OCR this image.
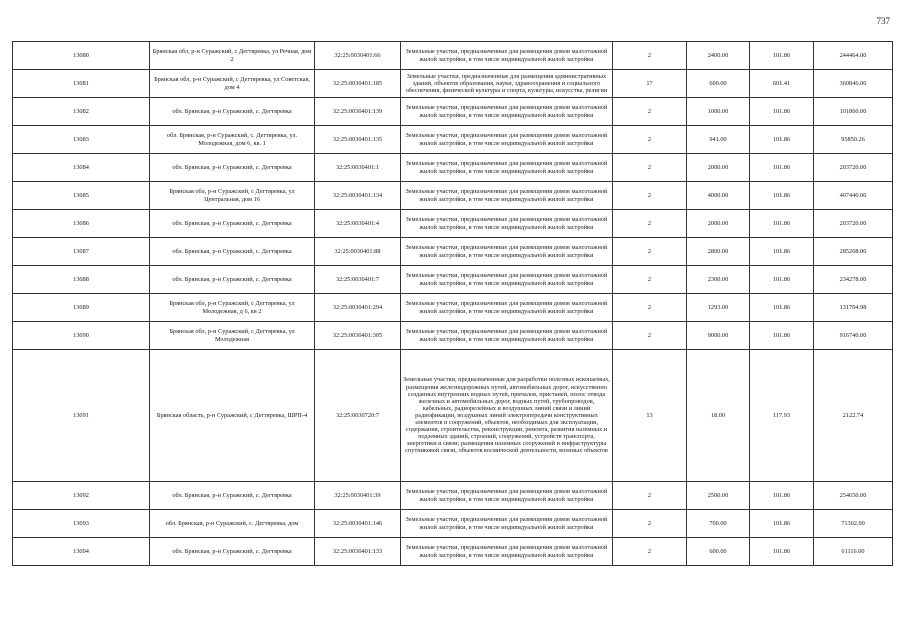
737
13080	Брянская обл, р-н Суражский, с Дегтяревка, ул Речная, дом 2	32:25:0030401:66	Земельные участки, предназначенные для размещения домов малоэтажной жилой застройки, в том числе индивидуальной жилой застройки	2	2400.00	101.86	244464.00
13081	Брянская обл, р-н Суражский, с Дегтяревка, ул Советская, дом 4	32:25:0030401:185	Земельные участки, предназначенные для размещения административных зданий, объектов образования, науки, здравоохранения и социального обеспечения, физической культуры и спорта, культуры, искусства, религии	17	600.00	601.41	360846.00
13082	обл. Брянская, р-н Суражский, с. Дегтяревка	32:25:0030401:139	Земельные участки, предназначенные для размещения домов малоэтажной жилой застройки, в том числе индивидуальной жилой застройки	2	1000.00	101.86	101860.00
13083	обл. Брянская, р-н Суражский, с. Дегтяревка, ул. Молодежная, дом 6, кв. 1	32:25:0030401:135	Земельные участки, предназначенные для размещения домов малоэтажной жилой застройки, в том числе индивидуальной жилой застройки	2	941.00	101.86	95850.26
13084	обл. Брянская, р-н Суражский, с. Дегтяревка	32:25:0030401:1	Земельные участки, предназначенные для размещения домов малоэтажной жилой застройки, в том числе индивидуальной жилой застройки	2	2000.00	101.86	203720.00
13085	Брянская обл, р-н Суражский, с Дегтяревка, ул Центральная, дом 16	32:25:0030401:134	Земельные участки, предназначенные для размещения домов малоэтажной жилой застройки, в том числе индивидуальной жилой застройки	2	4000.00	101.86	407440.00
13086	обл. Брянская, р-н Суражский, с. Дегтяревка	32:25:0030401:4	Земельные участки, предназначенные для размещения домов малоэтажной жилой застройки, в том числе индивидуальной жилой застройки	2	2000.00	101.86	203720.00
13087	обл. Брянская, р-н Суражский, с. Дегтяревка	32:25:0030401:88	Земельные участки, предназначенные для размещения домов малоэтажной жилой застройки, в том числе индивидуальной жилой застройки	2	2800.00	101.86	285208.00
13088	обл. Брянская, р-н Суражский, с. Дегтяревка	32:25:0030401:7	Земельные участки, предназначенные для размещения домов малоэтажной жилой застройки, в том числе индивидуальной жилой застройки	2	2300.00	101.86	234278.00
13089	Брянская обл, р-н Суражский, с Дегтяревка, ул Молодежная, д 6, кв 2	32:25:0030401:294	Земельные участки, предназначенные для размещения домов малоэтажной жилой застройки, в том числе индивидуальной жилой застройки	2	1293.00	101.86	131704.98
13090	Брянская обл, р-н Суражский, с Дегтяревка, ул Молодежная	32:25:0030401:305	Земельные участки, предназначенные для размещения домов малоэтажной жилой застройки, в том числе индивидуальной жилой застройки	2	9000.00	101.86	916740.00
13091	Брянская область, р-н Суражский, с Дегтяревка, ШРП-4	32:25:0030720:7	Земельные участки, предназначенные для разработки полезных ископаемых, размещения железнодорожных путей, автомобильных дорог, искусственно созданных внутренних водных путей, причалов, пристаней, полос отвода железных и автомобильных дорог, водных путей, трубопроводов, кабельных, радиорелейных и воздушных линий связи и линий радиофикации, воздушных линий электропередачи конструктивных элементов и сооружений, объектов, необходимых для эксплуатации, содержания, строительства, реконструкции, ремонта, развития наземных и подземных зданий, строений, сооружений, устройств транспорта, энергетики и связи; размещения наземных сооружений и инфраструктуры спутниковой связи, объектов космической деятельности, военных объектов	13	18.00	117.93	2122.74
13092	обл. Брянская, р-н Суражский, с. Дегтяревка	32:25:0030401:39	Земельные участки, предназначенные для размещения домов малоэтажной жилой застройки, в том числе индивидуальной жилой застройки	2	2500.00	101.86	254650.00
13093	обл. Брянская, р-н Суражский, с. Дегтяревка, дом	32:25:0030401:146	Земельные участки, предназначенные для размещения домов малоэтажной жилой застройки, в том числе индивидуальной жилой застройки	2	700.00	101.86	71302.00
13094	обл. Брянская, р-н Суражский, с. Дегтяревка	32:25:0030401:133	Земельные участки, предназначенные для размещения домов малоэтажной жилой застройки, в том числе индивидуальной жилой застройки	2	600.00	101.86	61116.00
